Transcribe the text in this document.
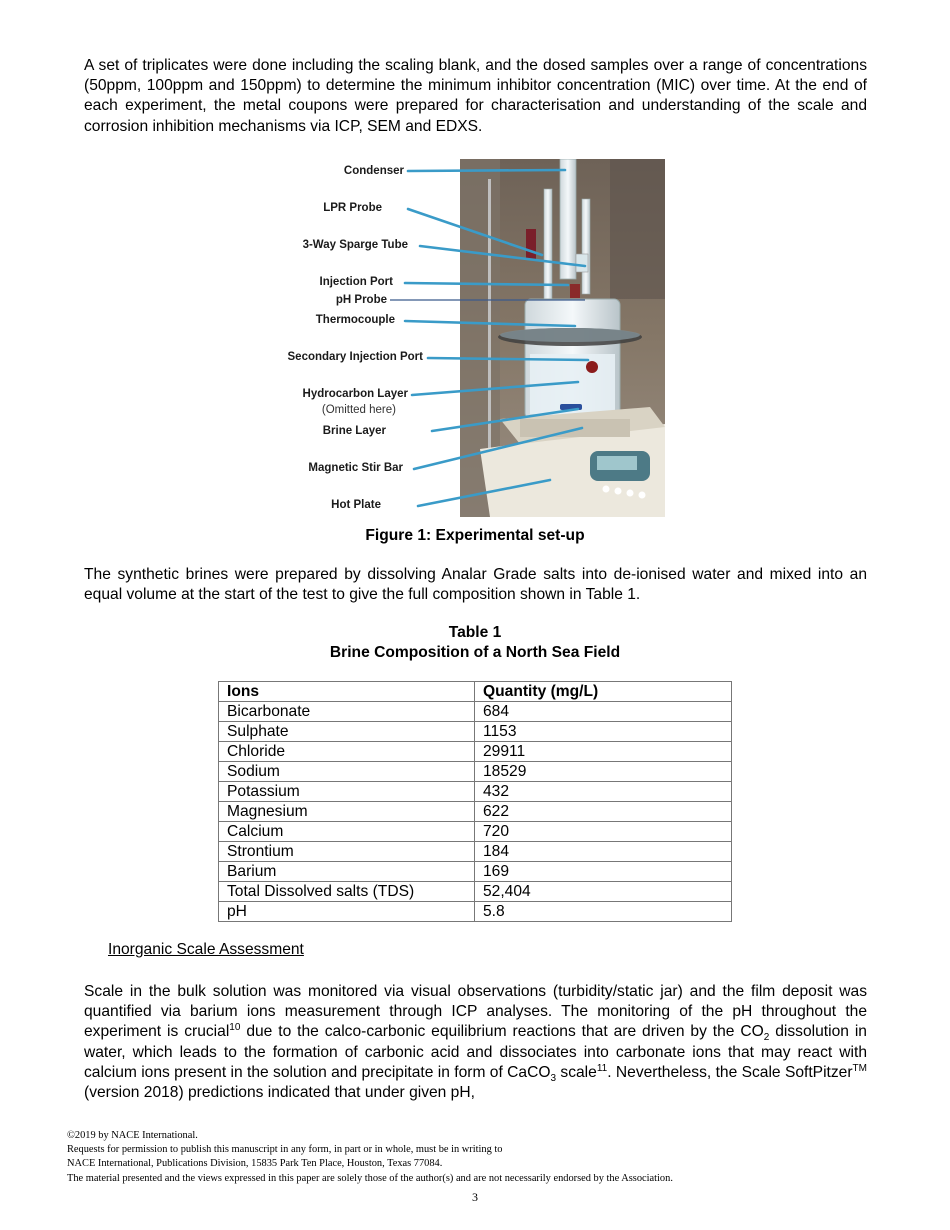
A set of triplicates were done including the scaling blank, and the dosed samples over a range of concentrations (50ppm, 100ppm and 150ppm) to determine the minimum inhibitor concentration (MIC) over time. At the end of each experiment, the metal coupons were prepared for characterisation and understanding of the scale and corrosion inhibition mechanisms via ICP, SEM and EDXS.

Condenser
LPR Probe
3-Way Sparge Tube
Injection Port
pH Probe
Thermocouple
Secondary Injection Port
Hydrocarbon Layer
(Omitted here)
Brine Layer
Magnetic Stir Bar
Hot Plate
Figure 1: Experimental set-up

The synthetic brines were prepared by dissolving Analar Grade salts into de-ionised water and mixed into an equal volume at the start of the test to give the full composition shown in Table 1.

Table 1
Brine Composition of a North Sea Field
Ions	Quantity (mg/L)
Bicarbonate	684
Sulphate	1153
Chloride	29911
Sodium	18529
Potassium	432
Magnesium	622
Calcium	720
Strontium	184
Barium	169
Total Dissolved salts (TDS)	52,404
pH	5.8
Inorganic Scale Assessment

Scale in the bulk solution was monitored via visual observations (turbidity/static jar) and the film deposit was quantified via barium ions measurement through ICP analyses. The monitoring of the pH throughout the experiment is crucial$^{10}$ due to the calco-carbonic equilibrium reactions that are driven by the $CO_2$ dissolution in water, which leads to the formation of carbonic acid and dissociates into carbonate ions that may react with calcium ions present in the solution and precipitate in form of CaCO$_3$ scale$^{11}$. Nevertheless, the Scale SoftPitzer™ (version 2018) predictions indicated that under given pH,

©2019 by NACE International.
Requests for permission to publish this manuscript in any form, in part or in whole, must be in writing to
NACE International, Publications Division, 15835 Park Ten Place, Houston, Texas 77084.
The material presented and the views expressed in this paper are solely those of the author(s) and are not necessarily endorsed by the Association.
3
